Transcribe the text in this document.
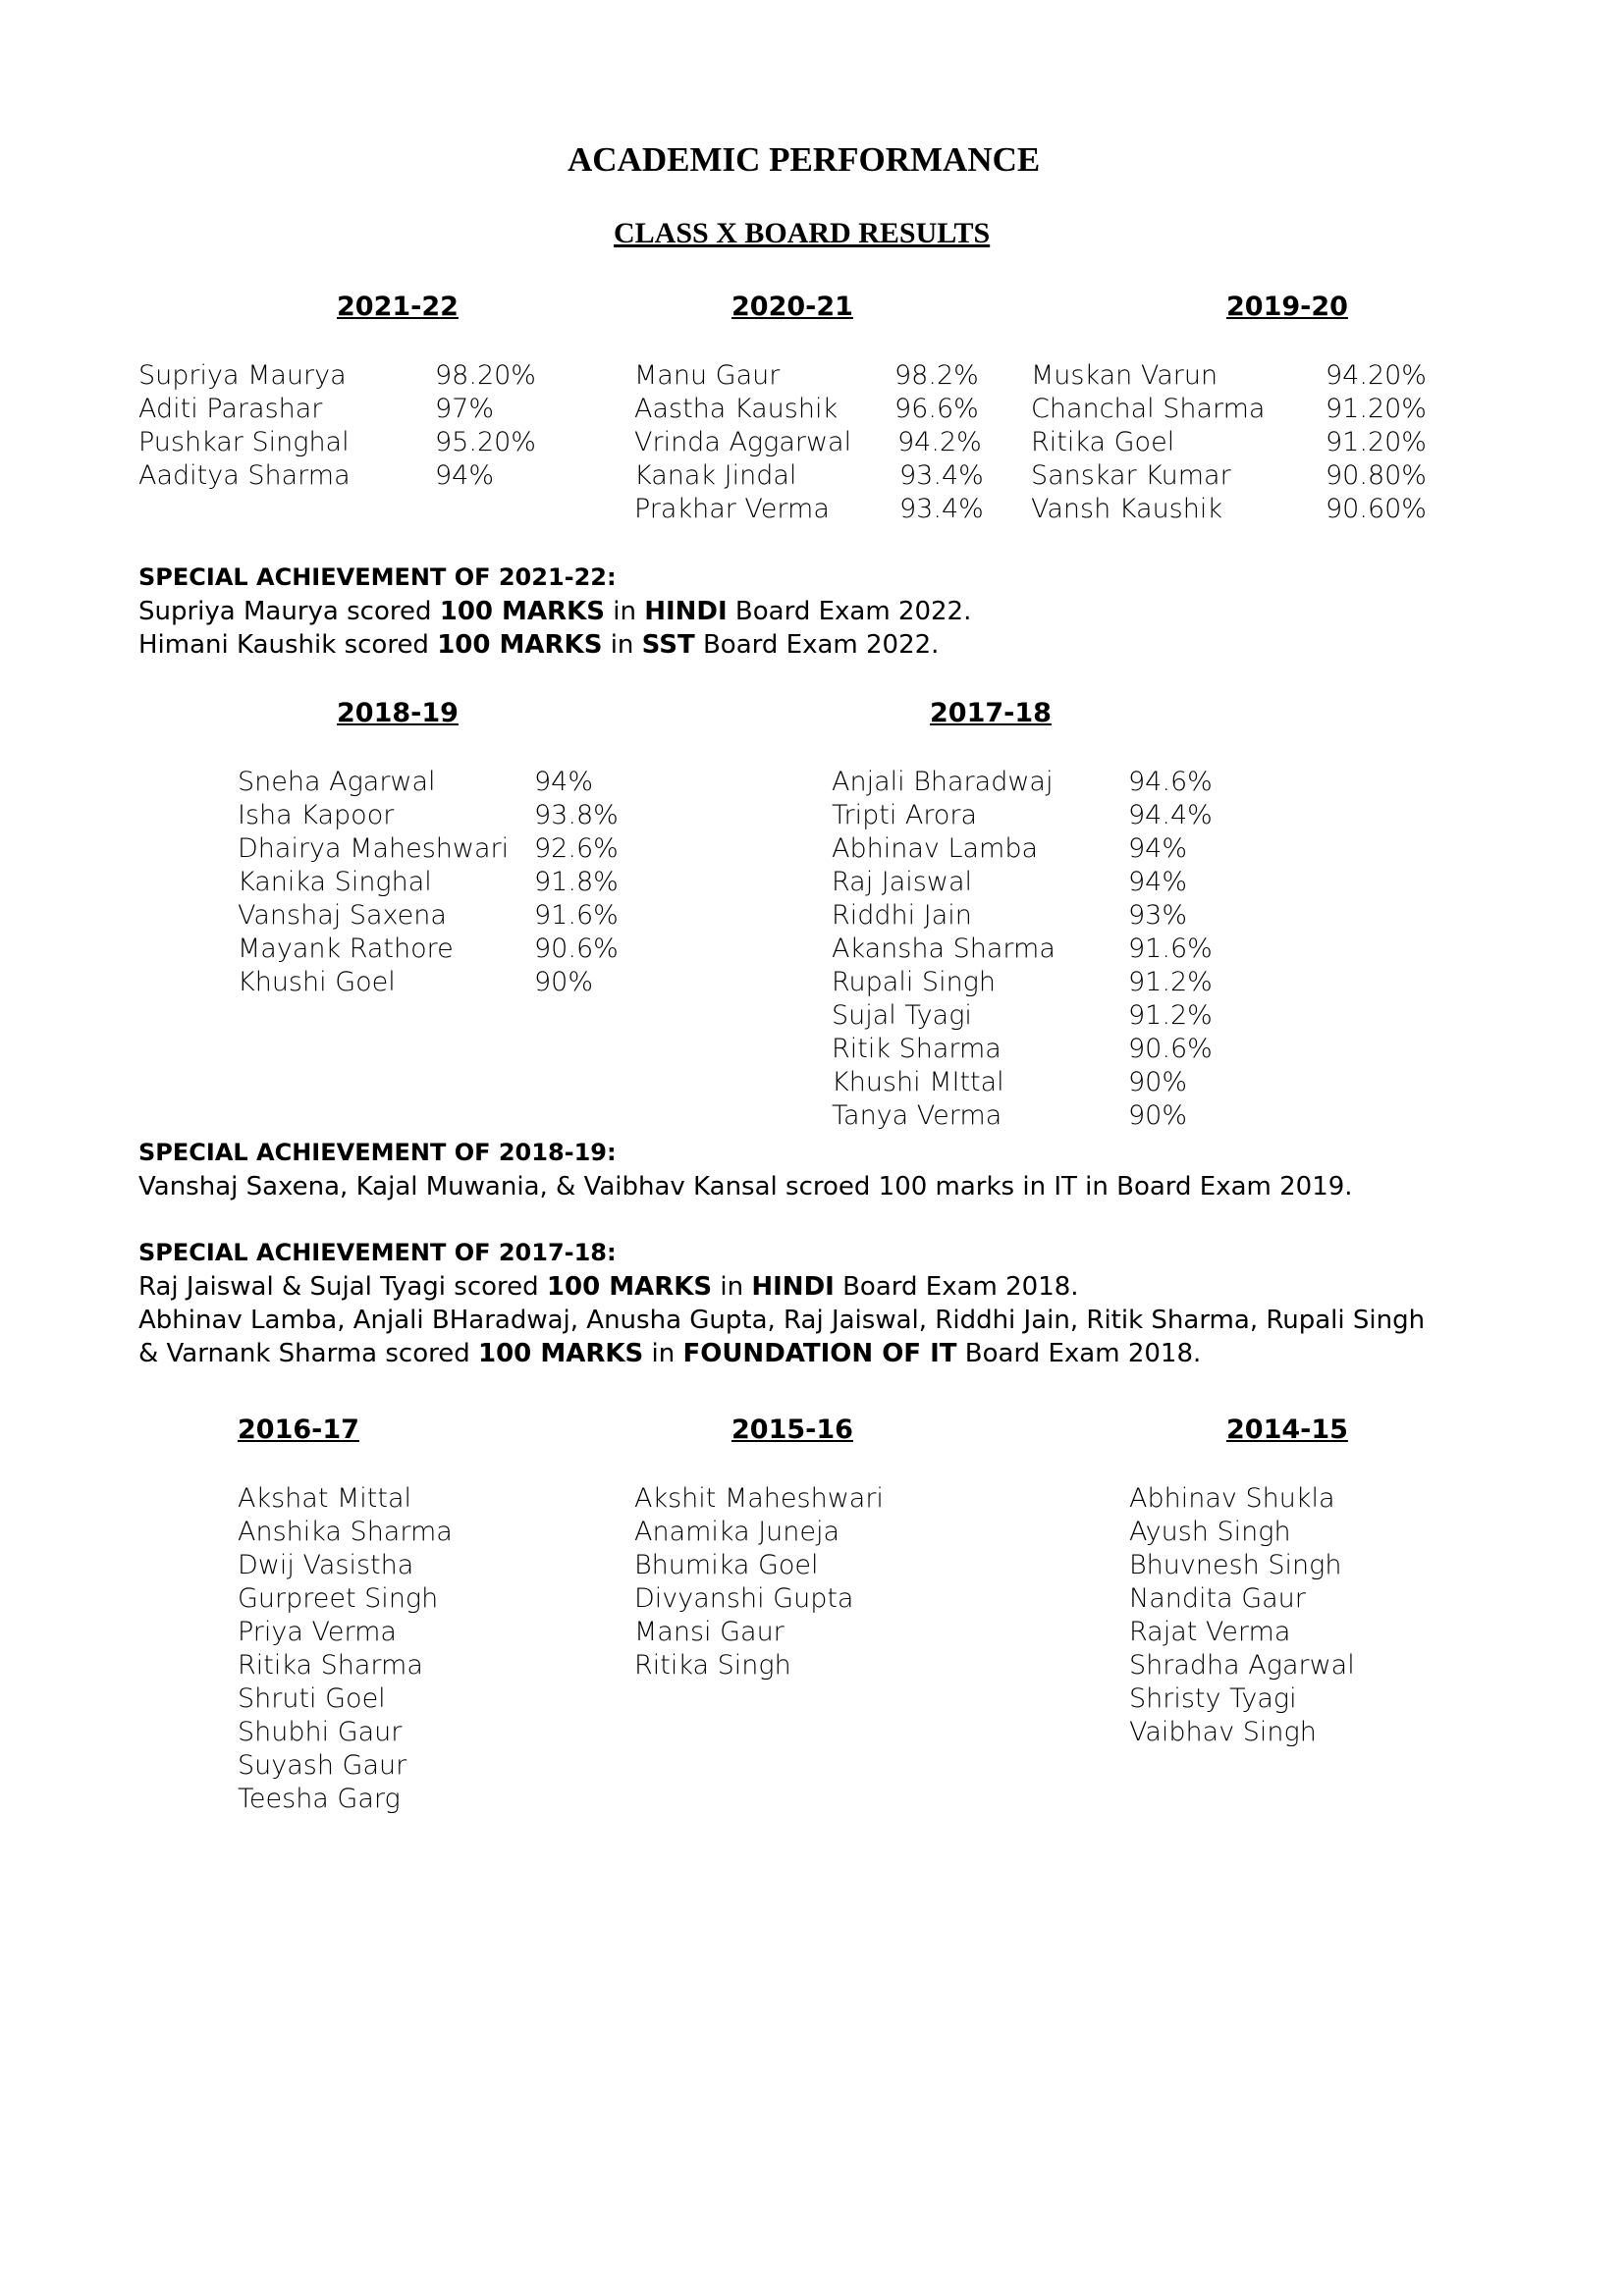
ACADEMIC PERFORMANCE
CLASS X BOARD RESULTS
2021-22	2020-21	2019-20
Supriya Maurya	98.20%
Aditi Parashar	97%
Pushkar Singhal	95.20%
Aaditya Sharma	94%
Manu Gaur	98.2%
Aastha Kaushik 96.6%
Vrinda Aggarwal 94.2%
Kanak Jindal	93.4%
Prakhar Verma	93.4%
Muskan Varun	94.20%
Chanchal Sharma 91.20%
Ritika Goel	91.20%
Sanskar Kumar	90.80%
Vansh Kaushik	90.60%
SPECIAL ACHIEVEMENT OF 2021-22:
Supriya Maurya scored 100 MARKS in HINDI Board Exam 2022.
Himani Kaushik scored 100 MARKS in SST Board Exam 2022.
2018-19	2017-18
Sneha Agarwal	94%
Isha Kapoor	93.8%
Dhairya Maheshwari 92.6%
Kanika Singhal	91.8%
Vanshaj Saxena	91.6%
Mayank Rathore	90.6%
Khushi Goel	90%
Anjali Bharadwaj	94.6%
Tripti Arora	94.4%
Abhinav Lamba	94%
Raj Jaiswal	94%
Riddhi Jain	93%
Akansha Sharma	91.6%
Rupali Singh	91.2%
Sujal Tyagi	91.2%
Ritik Sharma	90.6%
Khushi MIttal	90%
Tanya Verma	90%
SPECIAL ACHIEVEMENT OF 2018-19:
Vanshaj Saxena, Kajal Muwania, & Vaibhav Kansal scroed 100 marks in IT in Board Exam 2019.
SPECIAL ACHIEVEMENT OF 2017-18:
Raj Jaiswal & Sujal Tyagi scored 100 MARKS in HINDI Board Exam 2018.
Abhinav Lamba, Anjali BHaradwaj, Anusha Gupta, Raj Jaiswal, Riddhi Jain, Ritik Sharma, Rupali Singh
& Varnank Sharma scored 100 MARKS in FOUNDATION OF IT Board Exam 2018.
2016-17	2015-16	2014-15
Akshat Mittal
Anshika Sharma
Dwij Vasistha
Gurpreet Singh
Priya Verma
Ritika Sharma
Shruti Goel
Shubhi Gaur
Suyash Gaur
Teesha Garg
Akshit Maheshwari
Anamika Juneja
Bhumika Goel
Divyanshi Gupta
Mansi Gaur
Ritika Singh
Abhinav Shukla
Ayush Singh
Bhuvnesh Singh
Nandita Gaur
Rajat Verma
Shradha Agarwal
Shristy Tyagi
Vaibhav Singh
